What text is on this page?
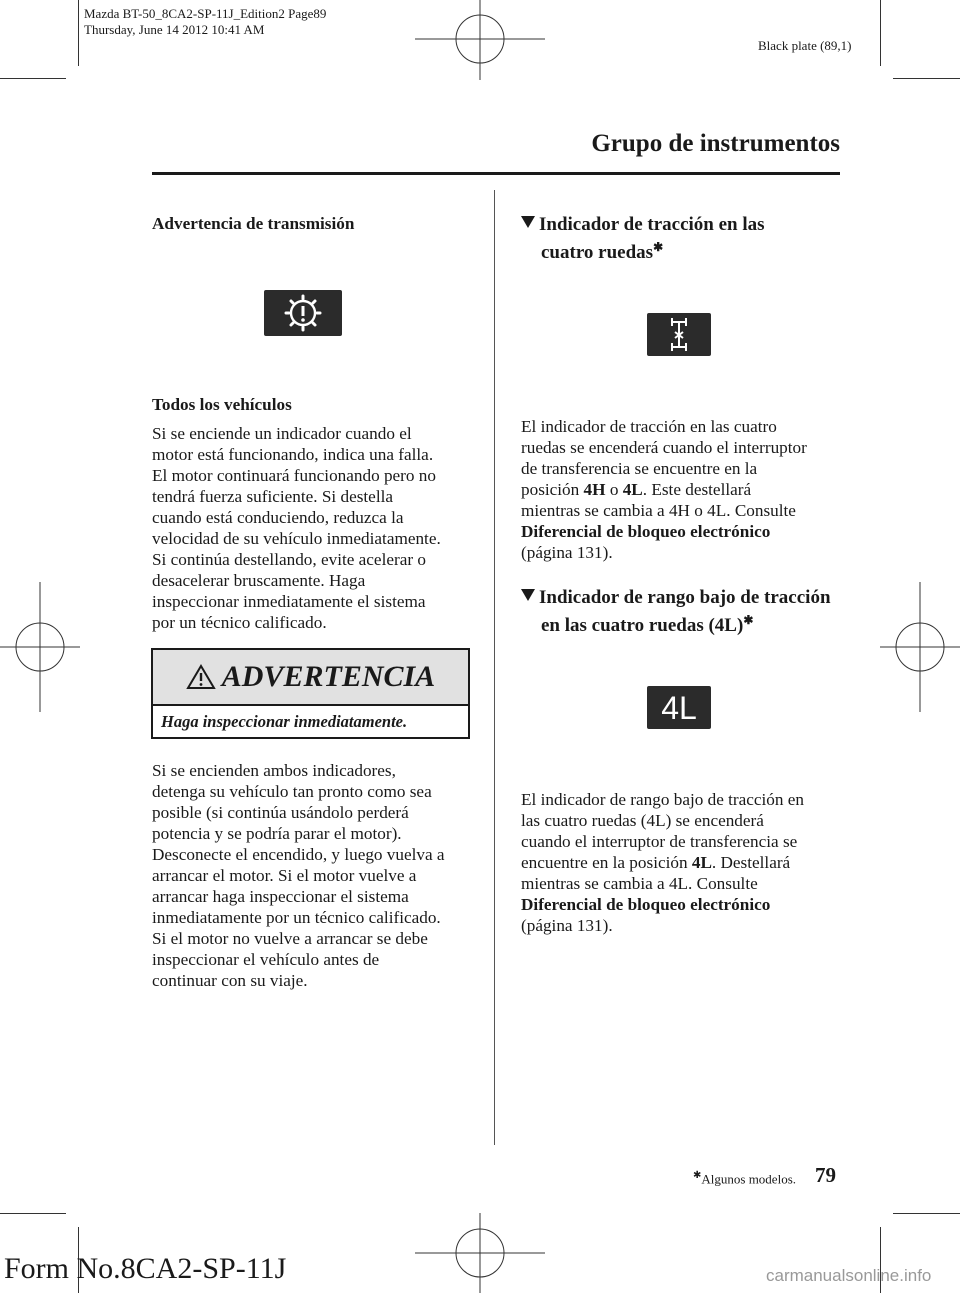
Mazda BT-50_8CA2-SP-11J_Edition2 Page89
Thursday, June 14 2012 10:41 AM
Black plate (89,1)
Grupo de instrumentos

Advertencia de transmisión

Todos los vehículos

Si se enciende un indicador cuando el
motor está funcionando, indica una falla.
El motor continuará funcionando pero no
tendrá fuerza suficiente. Si destella
cuando está conduciendo, reduzca la
velocidad de su vehículo inmediatamente.
Si continúa destellando, evite acelerar o
desacelerar bruscamente. Haga
inspeccionar inmediatamente el sistema
por un técnico calificado.

ADVERTENCIA
Haga inspeccionar inmediatamente.

Si se encienden ambos indicadores,
detenga su vehículo tan pronto como sea
posible (si continúa usándolo perderá
potencia y se podría parar el motor).
Desconecte el encendido, y luego vuelva a
arrancar el motor. Si el motor vuelve a
arrancar haga inspeccionar el sistema
inmediatamente por un técnico calificado.
Si el motor no vuelve a arrancar se debe
inspeccionar el vehículo antes de
continuar con su viaje.

Indicador de tracción en las
cuatro ruedas✱

El indicador de tracción en las cuatro
ruedas se encenderá cuando el interruptor
de transferencia se encuentre en la
posición 4H o 4L. Este destellará
mientras se cambia a 4H o 4L. Consulte
Diferencial de bloqueo electrónico
(página 131).

Indicador de rango bajo de tracción
en las cuatro ruedas (4L)✱
4L

El indicador de rango bajo de tracción en
las cuatro ruedas (4L) se encenderá
cuando el interruptor de transferencia se
encuentre en la posición 4L. Destellará
mientras se cambia a 4L. Consulte
Diferencial de bloqueo electrónico
(página 131).

✱Algunos modelos. 79
Form No.8CA2-SP-11J	carmanualsonline.info
